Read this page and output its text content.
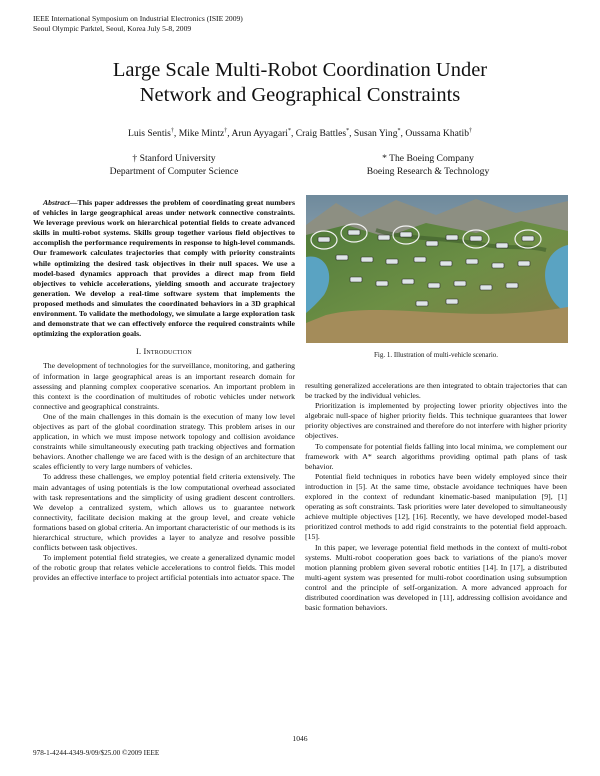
IEEE International Symposium on Industrial Electronics (ISIE 2009)
Seoul Olympic Parktel, Seoul, Korea July 5-8, 2009
Large Scale Multi-Robot Coordination Under
Network and Geographical Constraints
Luis Sentis†, Mike Mintz†, Arun Ayyagari*, Craig Battles*, Susan Ying*, Oussama Khatib†
† Stanford University
Department of Computer Science
* The Boeing Company
Boeing Research & Technology

Abstract—This paper addresses the problem of coordinating great numbers of vehicles in large geographical areas under network connective constraints. We leverage previous work on hierarchical potential fields to create advanced skills in multi-robot systems. Skills group together various field objectives to accomplish the performance requirements in response to high-level commands. Our framework calculates trajectories that comply with priority constraints while optimizing the desired task objectives in their null spaces. We use a model-based dynamics approach that provides a direct map from field objectives to vehicle accelerations, yielding smooth and accurate trajectory generation. We develop a real-time software system that implements the proposed methods and simulates the coordinated behaviors in a 3D graphical environment. To validate the methodology, we simulate a large exploration task and demonstrate that we can effectively enforce the required constraints while optimizing the exploration goals.

I. Introduction

The development of technologies for the surveillance, monitoring, and gathering of information in large geographical areas is an important research domain for assessing and planning complex cooperative scenarios. An important problem in this context is the coordination of multitudes of robotic vehicles under network connective and geographical constraints.

One of the main challenges in this domain is the execution of many low level objectives as part of the global coordination strategy. This problem arises in our application, in which we must impose network topology and collision avoidance constraints while simultaneously executing path tracking objectives and formation behaviors. Another challenge we are faced with is the design of an architecture that scales efficiently to very large numbers of vehicles.

To address these challenges, we employ potential field criteria extensively. The main advantages of using potentials is the low computational overhead associated with task representations and the simplicity of using gradient descent controllers. We develop a centralized system, which allows us to guarantee network connectivity, facilitate decision making at the group level, and create vehicle formations based on global criteria. An important characteristic of our methods is its hierarchical structure, which provides a layer to analyze and resolve possible conflicts between task objectives.

To implement potential field strategies, we create a generalized dynamic model of the robotic group that relates vehicle accelerations to control fields. This model provides an effective interface to project artificial potentials into actuator space. The

Fig. 1. Illustration of multi-vehicle scenario.

resulting generalized accelerations are then integrated to obtain trajectories that can be tracked by the individual vehicles.

Prioritization is implemented by projecting lower priority objectives into the algebraic null-space of higher priority fields. This technique guarantees that lower priority objectives are constrained and therefore do not interfere with higher priority objectives.

To compensate for potential fields falling into local minima, we complement our framework with A* search algorithms providing optimal path plans of task behavior.

Potential field techniques in robotics have been widely employed since their introduction in [5]. At the same time, obstacle avoidance techniques have been explored in the context of redundant kinematic-based manipulation [9], [1] operating as soft constraints. Task priorities were later developed to simultaneously achieve multiple objectives [12], [16]. Recently, we have developed model-based prioritized control methods to add rigid constraints to the potential field approach. [15].

In this paper, we leverage potential field methods in the context of multi-robot systems. Multi-robot cooperation goes back to variations of the piano's mover motion planning problem given several robotic entities [14]. In [17], a distributed multi-agent system was presented for multi-robot coordination using subsumption control and the principle of self-organization. A more advanced approach for distributed coordination was developed in [11], addressing collision avoidance and basic formation behaviors.

1046
978-1-4244-4349-9/09/$25.00 ©2009 IEEE
